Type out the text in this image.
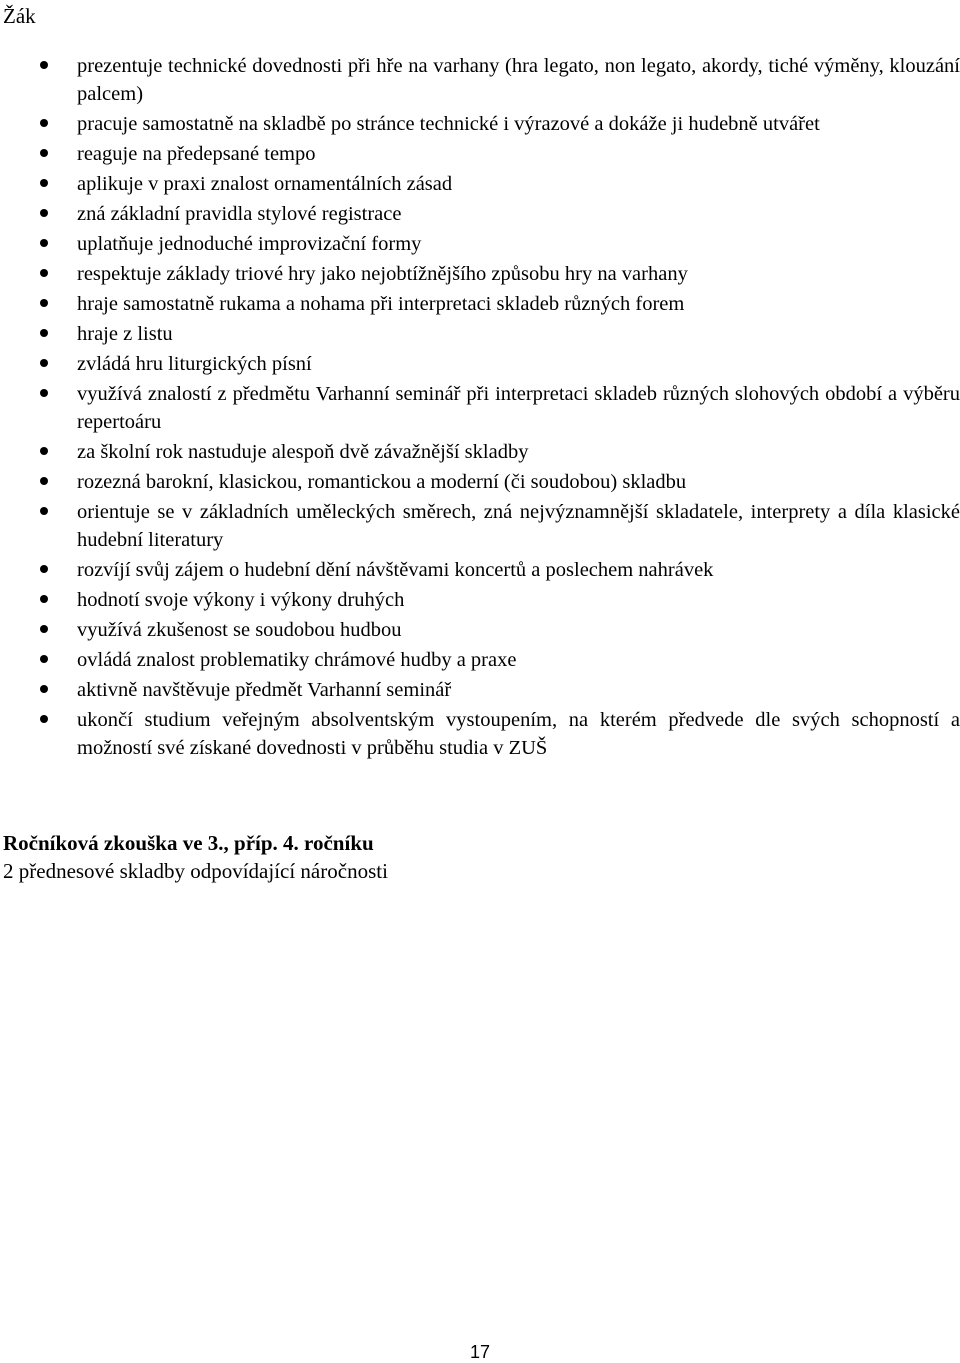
Žák
prezentuje technické dovednosti při hře na varhany (hra legato, non legato, akordy, tiché výměny, klouzání palcem)
pracuje samostatně na skladbě po stránce technické i výrazové a dokáže ji hudebně utvářet
reaguje na předepsané tempo
aplikuje v praxi znalost ornamentálních zásad
zná základní pravidla stylové registrace
uplatňuje jednoduché improvizační formy
respektuje základy triové hry jako nejobtížnějšího způsobu hry na varhany
hraje samostatně rukama a nohama při interpretaci skladeb různých forem
hraje z listu
zvládá hru liturgických písní
využívá znalostí z předmětu Varhanní seminář při interpretaci skladeb různých slohových období a výběru repertoáru
za školní rok nastuduje alespoň dvě závažnější skladby
rozezná barokní, klasickou, romantickou a moderní (či soudobou) skladbu
orientuje se v základních uměleckých směrech, zná nejvýznamnější skladatele, interprety a díla klasické hudební literatury
rozvíjí svůj zájem o hudební dění návštěvami koncertů a poslechem nahrávek
hodnotí svoje výkony i výkony druhých
využívá zkušenost se soudobou hudbou
ovládá znalost problematiky chrámové hudby a praxe
aktivně navštěvuje předmět Varhanní seminář
ukončí studium veřejným absolventským vystoupením, na kterém předvede dle svých schopností a možností své získané dovednosti v průběhu studia v ZUŠ
Ročníková zkouška ve 3., příp. 4. ročníku

2 přednesové skladby odpovídající náročnosti

17
